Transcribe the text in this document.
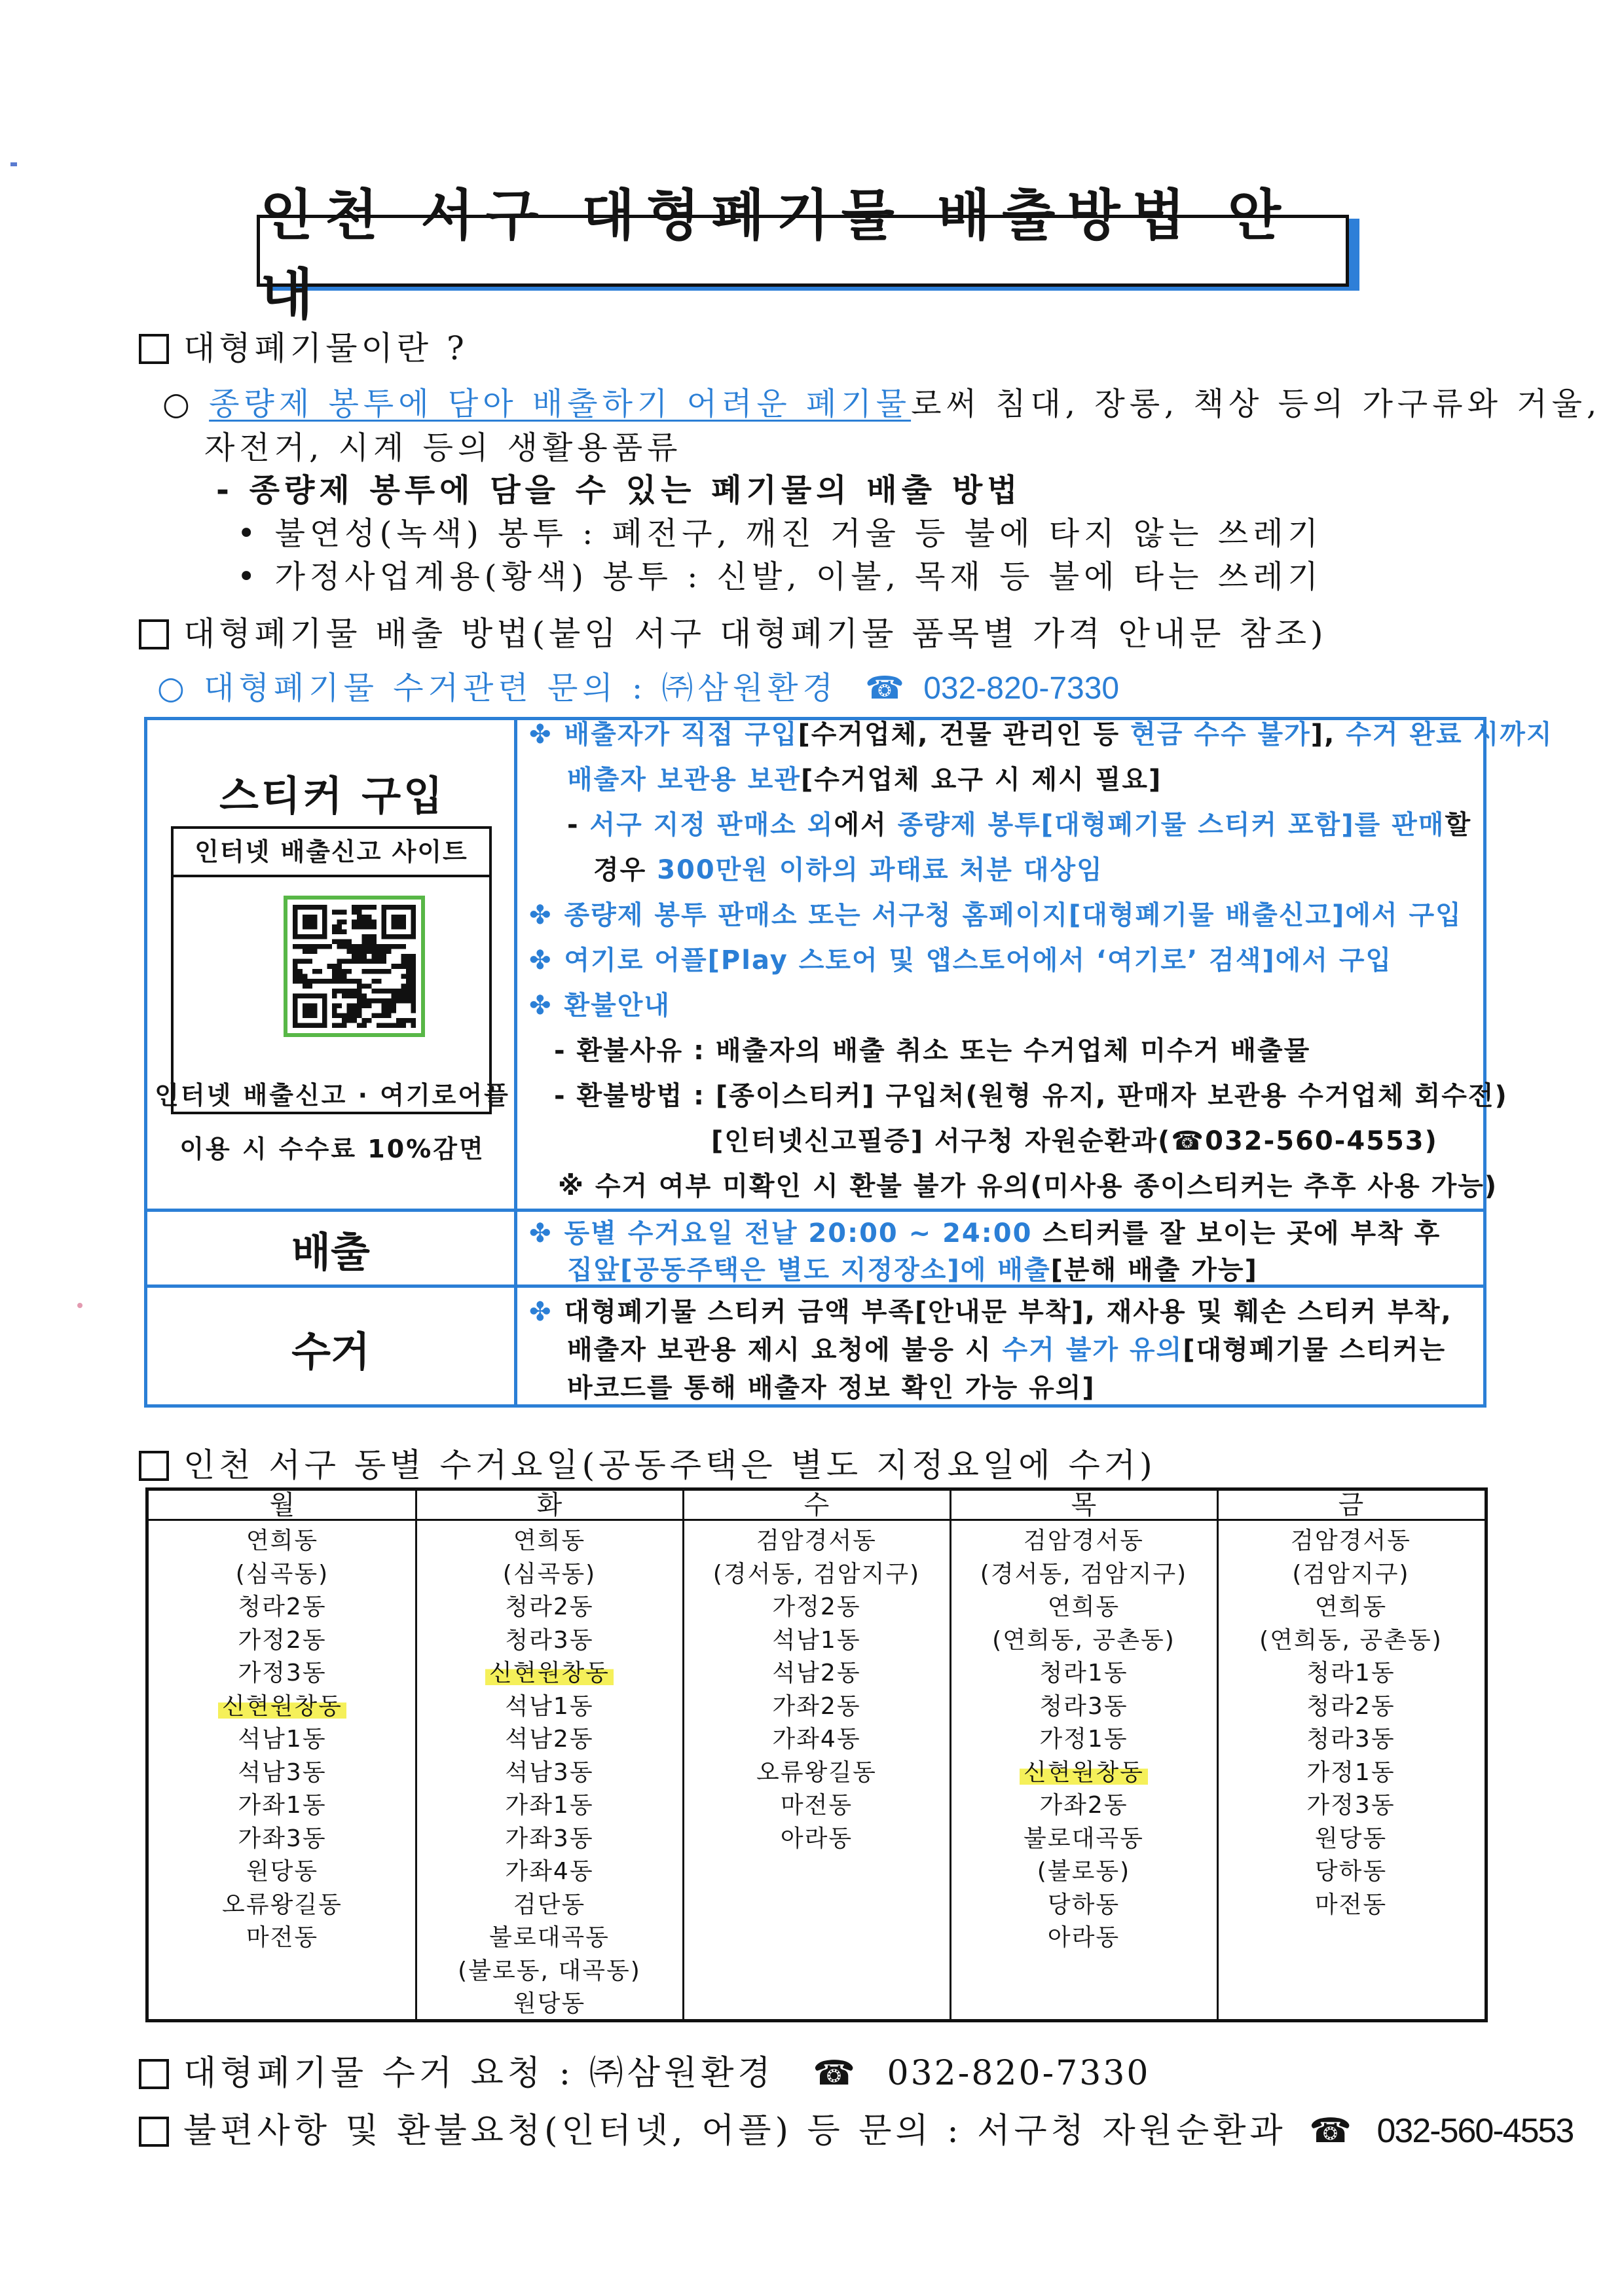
인천 서구 대형폐기물 배출방법 안내
대형폐기물이란 ?
○ 종량제 봉투에 담아 배출하기 어려운 폐기물로써 침대, 장롱, 책상 등의 가구류와 거울,
자전거, 시계 등의 생활용품류
- 종량제 봉투에 담을 수 있는 폐기물의 배출 방법
• 불연성(녹색) 봉투 : 폐전구, 깨진 거울 등 불에 타지 않는 쓰레기
• 가정사업계용(황색) 봉투 : 신발, 이불, 목재 등 불에 타는 쓰레기
대형폐기물 배출 방법(붙임 서구 대형폐기물 품목별 가격 안내문 참조)
○ 대형폐기물 수거관련 문의 : ㈜삼원환경 ☎ 032-820-7330
스티커 구입
인터넷 배출신고 사이트
인터넷 배출신고 · 여기로어플
이용 시 수수료 10%감면
배출
수거
✤ 배출자가 직접 구입[수거업체, 건물 관리인 등 현금 수수 불가], 수거 완료 시까지
배출자 보관용 보관[수거업체 요구 시 제시 필요]
- 서구 지정 판매소 외에서 종량제 봉투[대형폐기물 스티커 포함]를 판매할
경우 300만원 이하의 과태료 처분 대상임
✤ 종량제 봉투 판매소 또는 서구청 홈페이지[대형폐기물 배출신고]에서 구입
✤ 여기로 어플[Play 스토어 및 앱스토어에서 ‘여기로’ 검색]에서 구입
✤ 환불안내
- 환불사유 : 배출자의 배출 취소 또는 수거업체 미수거 배출물
- 환불방법 : [종이스티커] 구입처(원형 유지, 판매자 보관용 수거업체 회수전)
[인터넷신고필증] 서구청 자원순환과(☎032-560-4553)
※ 수거 여부 미확인 시 환불 불가 유의(미사용 종이스티커는 추후 사용 가능)
✤ 동별 수거요일 전날 20:00 ~ 24:00 스티커를 잘 보이는 곳에 부착 후
집앞[공동주택은 별도 지정장소]에 배출[분해 배출 가능]
✤ 대형폐기물 스티커 금액 부족[안내문 부착], 재사용 및 훼손 스티커 부착,
배출자 보관용 제시 요청에 불응 시 수거 불가 유의[대형폐기물 스티커는
바코드를 통해 배출자 정보 확인 가능 유의]
인천 서구 동별 수거요일(공동주택은 별도 지정요일에 수거)
월
연희동
(심곡동)
청라2동
가정2동
가정3동
신현원창동
석남1동
석남3동
가좌1동
가좌3동
원당동
오류왕길동
마전동
화
연희동
(심곡동)
청라2동
청라3동
신현원창동
석남1동
석남2동
석남3동
가좌1동
가좌3동
가좌4동
검단동
불로대곡동
(불로동, 대곡동)
원당동
수
검암경서동
(경서동, 검암지구)
가정2동
석남1동
석남2동
가좌2동
가좌4동
오류왕길동
마전동
아라동
목
검암경서동
(경서동, 검암지구)
연희동
(연희동, 공촌동)
청라1동
청라3동
가정1동
신현원창동
가좌2동
불로대곡동
(불로동)
당하동
아라동
금
검암경서동
(검암지구)
연희동
(연희동, 공촌동)
청라1동
청라2동
청라3동
가정1동
가정3동
원당동
당하동
마전동
대형폐기물 수거 요청 : ㈜삼원환경 ☎ 032-820-7330
불편사항 및 환불요청(인터넷, 어플) 등 문의 : 서구청 자원순환과 ☎ 032-560-4553
